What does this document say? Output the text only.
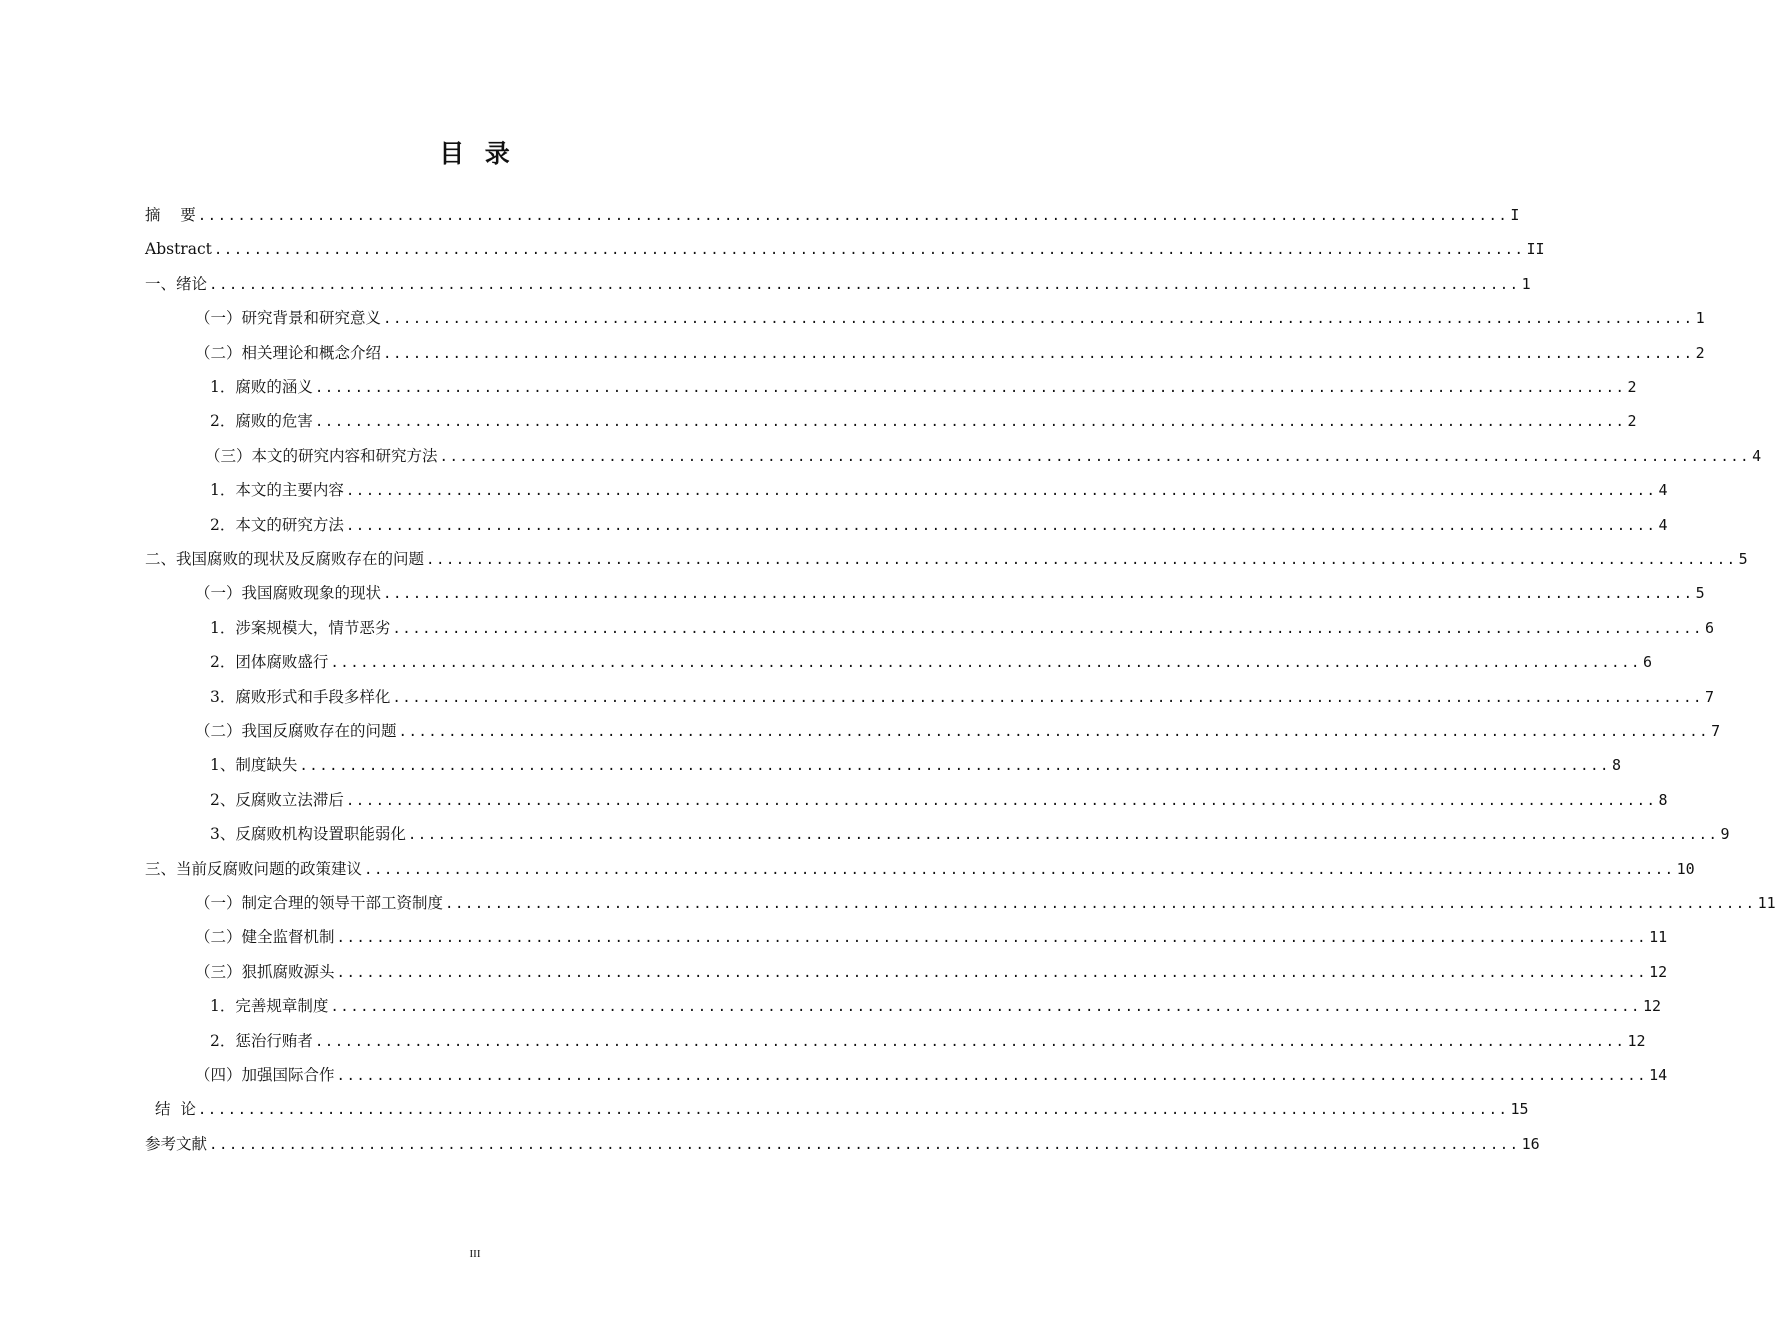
目  录
摘    要 .................................................................................................................................... I
Abstract .................................................................................................................................... II
一、绪论 .................................................................................................................................... 1
（一）研究背景和研究意义 .................................................................................................................................... 1
（二）相关理论和概念介绍 .................................................................................................................................... 2
1．腐败的涵义 .................................................................................................................................... 2
2．腐败的危害 .................................................................................................................................... 2
（三）本文的研究内容和研究方法 .................................................................................................................................... 4
1．本文的主要内容 .................................................................................................................................... 4
2．本文的研究方法 .................................................................................................................................... 4
二、我国腐败的现状及反腐败存在的问题 .................................................................................................................................... 5
（一）我国腐败现象的现状 .................................................................................................................................... 5
1．涉案规模大，情节恶劣 .................................................................................................................................... 6
2．团体腐败盛行 .................................................................................................................................... 6
3．腐败形式和手段多样化 .................................................................................................................................... 7
（二）我国反腐败存在的问题 .................................................................................................................................... 7
1、制度缺失 .................................................................................................................................... 8
2、反腐败立法滞后 .................................................................................................................................... 8
3、反腐败机构设置职能弱化 .................................................................................................................................... 9
三、当前反腐败问题的政策建议 .................................................................................................................................... 10
（一）制定合理的领导干部工资制度 .................................................................................................................................... 11
（二）健全监督机制 .................................................................................................................................... 11
（三）狠抓腐败源头 .................................................................................................................................... 12
1．完善规章制度 .................................................................................................................................... 12
2．惩治行贿者 .................................................................................................................................... 12
（四）加强国际合作 .................................................................................................................................... 14
结  论 .................................................................................................................................... 15
参考文献 .................................................................................................................................... 16
III
